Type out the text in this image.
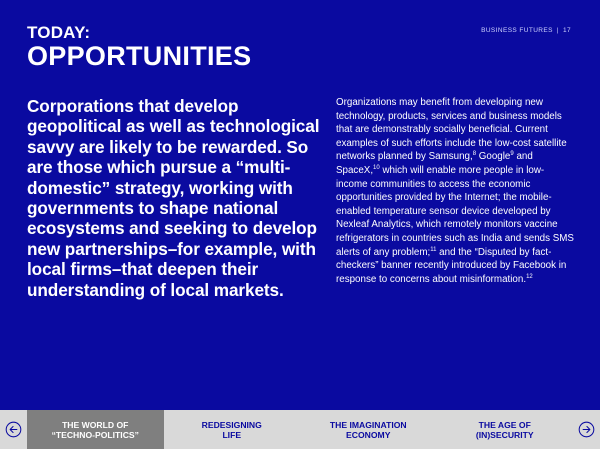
BUSINESS FUTURES | 17
TODAY:
OPPORTUNITIES
Corporations that develop geopolitical as well as technological savvy are likely to be rewarded. So are those which pursue a “multi-domestic” strategy, working with governments to shape national ecosystems and seeking to develop new partnerships–for example, with local firms–that deepen their understanding of local markets.
Organizations may benefit from developing new technology, products, services and business models that are demonstrably socially beneficial. Current examples of such efforts include the low-cost satellite networks planned by Samsung,$^8$ Google$^9$ and SpaceX,$^{10}$ which will enable more people in low-income communities to access the economic opportunities provided by the Internet; the mobile-enabled temperature sensor device developed by Nexleaf Analytics, which remotely monitors vaccine refrigerators in countries such as India and sends SMS alerts of any problem;$^{11}$ and the “Disputed by fact-checkers” banner recently introduced by Facebook in response to concerns about misinformation.$^{12}$
THE WORLD OF
“TECHNO-POLITICS”
REDESIGNING
LIFE
THE IMAGINATION
ECONOMY
THE AGE OF
(IN)SECURITY
